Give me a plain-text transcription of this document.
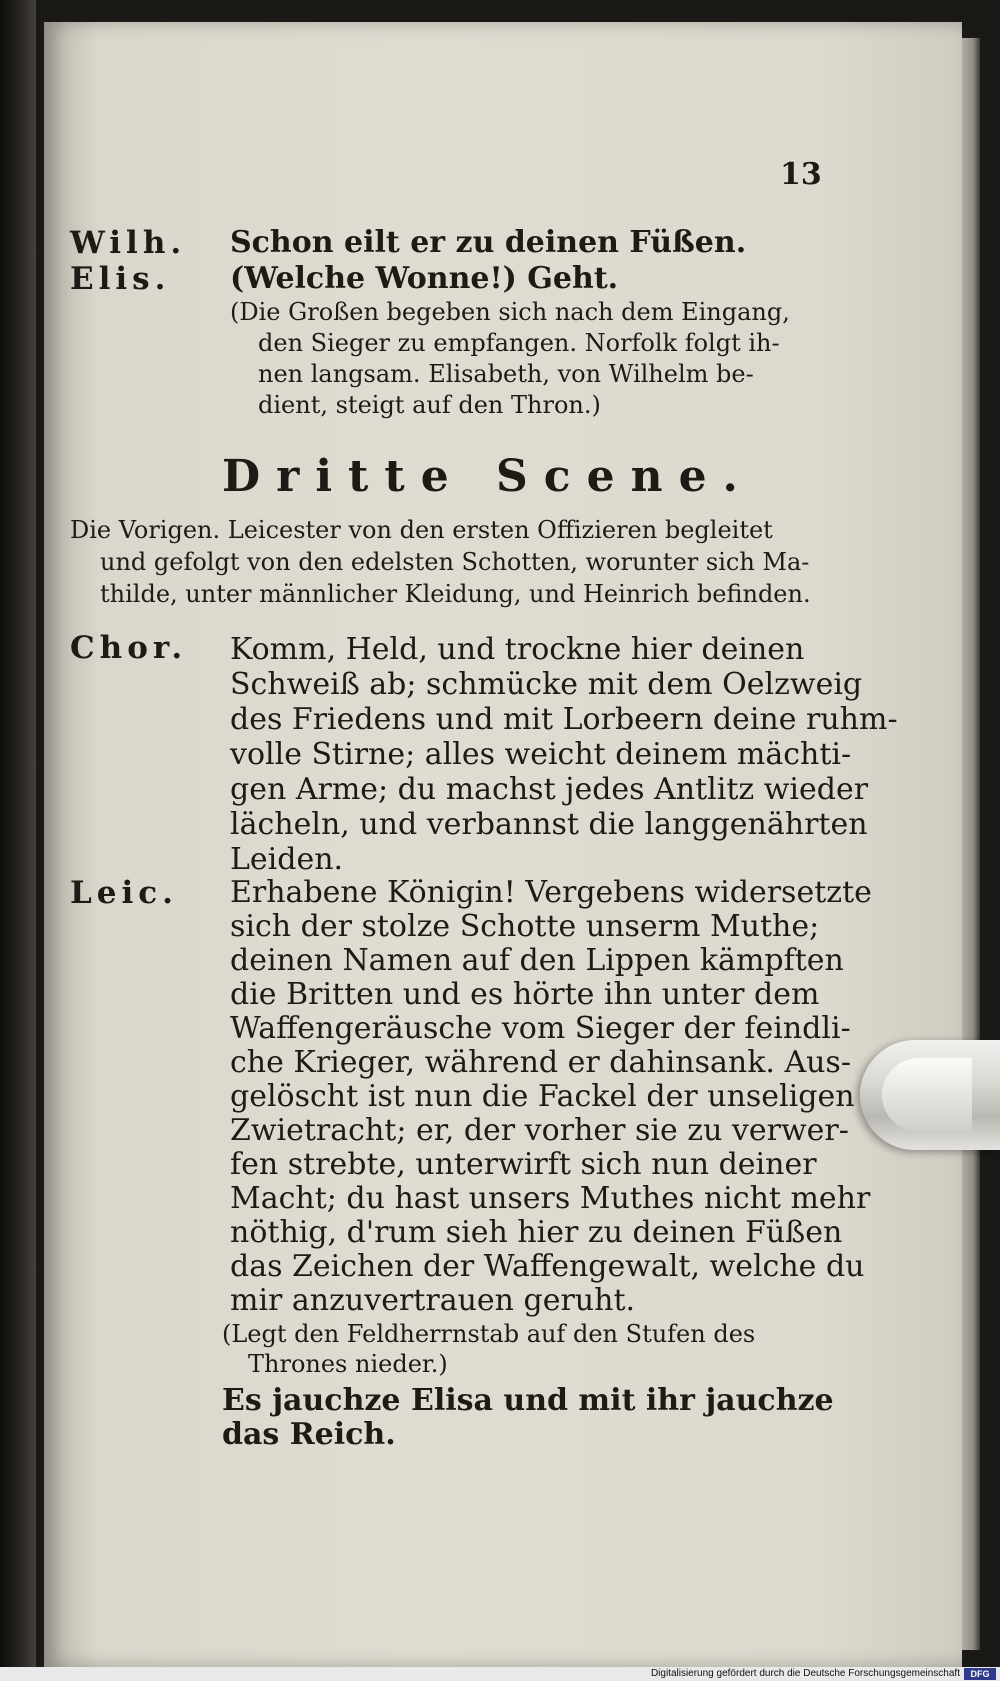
13
Wilh. Schon eilt er zu deinen Füßen.
Elis. (Welche Wonne!) Geht.
(Die Großen begeben sich nach dem Eingang,
den Sieger zu empfangen. Norfolk folgt ih-
nen langsam. Elisabeth, von Wilhelm be-
dient, steigt auf den Thron.)
Dritte Scene.
Die Vorigen. Leicester von den ersten Offizieren begleitet
und gefolgt von den edelsten Schotten, worunter sich Ma-
thilde, unter männlicher Kleidung, und Heinrich befinden.
Chor. Komm, Held, und trockne hier deinen
Schweiß ab; schmücke mit dem Oelzweig
des Friedens und mit Lorbeern deine ruhm-
volle Stirne; alles weicht deinem mächti-
gen Arme; du machst jedes Antlitz wieder
lächeln, und verbannst die langgenährten
Leiden.
Leic. Erhabene Königin! Vergebens widersetzte
sich der stolze Schotte unserm Muthe;
deinen Namen auf den Lippen kämpften
die Britten und es hörte ihn unter dem
Waffengeräusche vom Sieger der feindli-
che Krieger, während er dahinsank. Aus-
gelöscht ist nun die Fackel der unseligen
Zwietracht; er, der vorher sie zu verwer-
fen strebte, unterwirft sich nun deiner
Macht; du hast unsers Muthes nicht mehr
nöthig, d'rum sieh hier zu deinen Füßen
das Zeichen der Waffengewalt, welche du
mir anzuvertrauen geruht.
(Legt den Feldherrnstab auf den Stufen des
Thrones nieder.)
Es jauchze Elisa und mit ihr jauchze
das Reich.
Digitalisierung gefördert durch die Deutsche Forschungsgemeinschaft	DFG
